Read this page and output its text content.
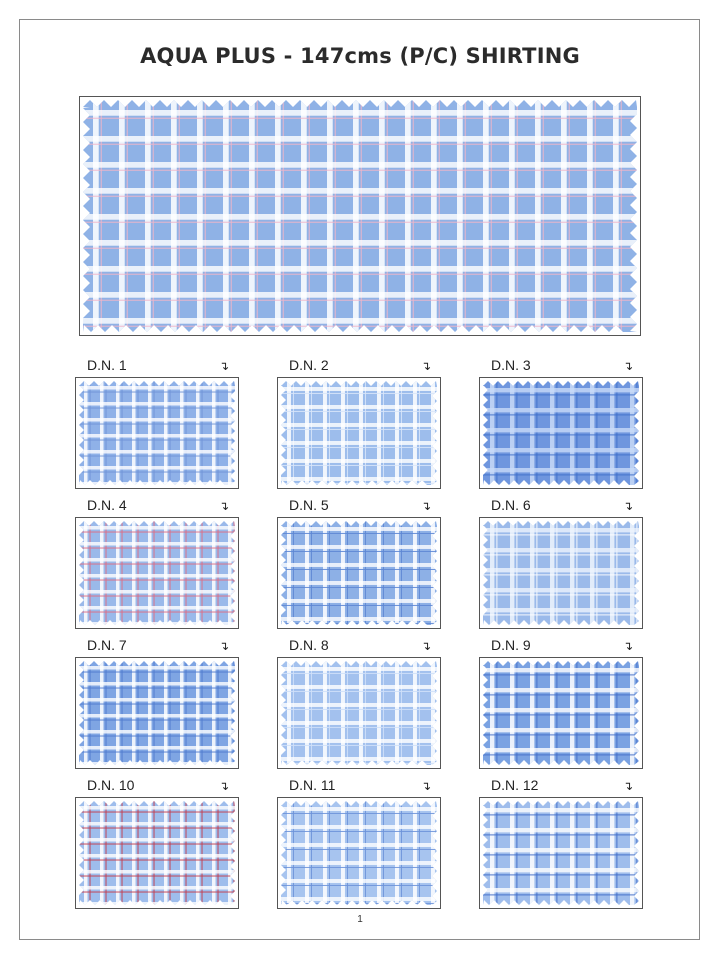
AQUA PLUS - 147cms (P/C) SHIRTING
D.N. 1	↴	D.N. 2	↴	D.N. 3	↴
D.N. 4	↴	D.N. 5	↴	D.N. 6	↴
D.N. 7	↴	D.N. 8	↴	D.N. 9	↴
D.N. 10	↴	D.N. 11	↴	D.N. 12	↴
1
